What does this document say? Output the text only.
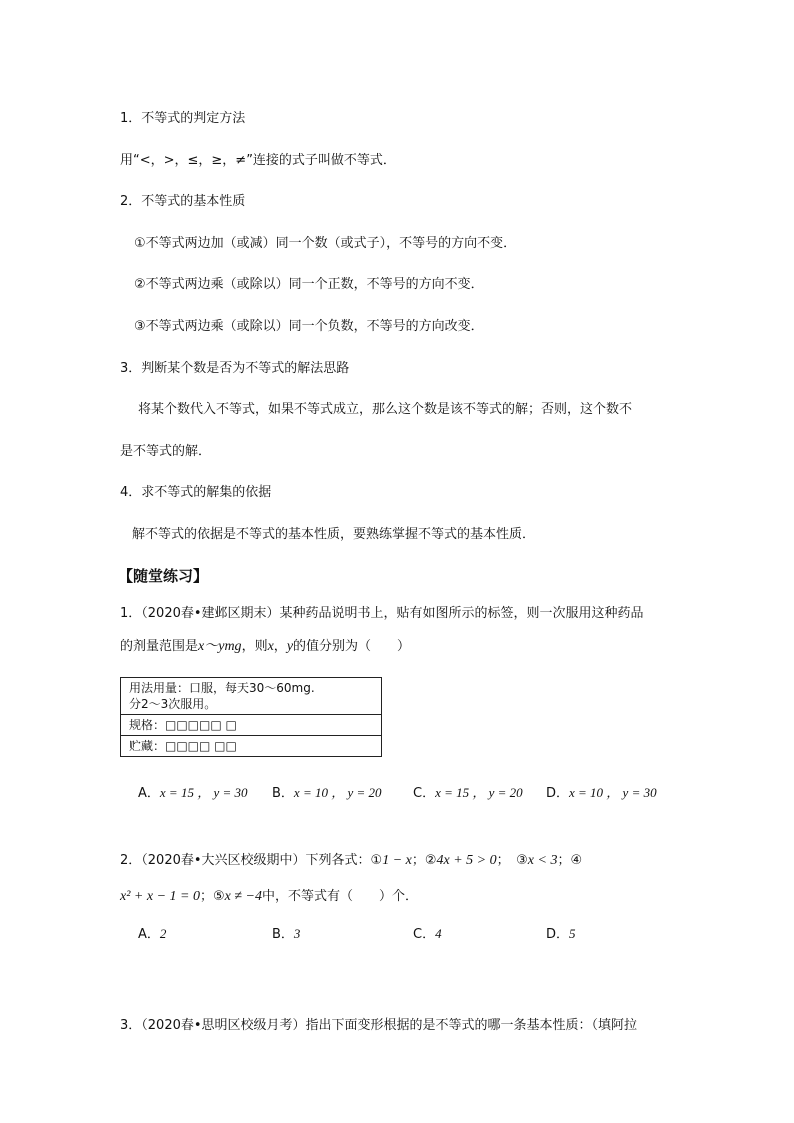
1．不等式的判定方法
用“<，>，≤，≥，≠”连接的式子叫做不等式．
2．不等式的基本性质
①不等式两边加（或减）同一个数（或式子），不等号的方向不变．
②不等式两边乘（或除以）同一个正数，不等号的方向不变．
③不等式两边乘（或除以）同一个负数，不等号的方向改变．
3．判断某个数是否为不等式的解法思路
将某个数代入不等式，如果不等式成立，那么这个数是该不等式的解；否则，这个数不
是不等式的解．
4．求不等式的解集的依据
解不等式的依据是不等式的基本性质，要熟练掌握不等式的基本性质．
【随堂练习】
1．（2020春•建邺区期末）某种药品说明书上，贴有如图所示的标签，则一次服用这种药品
的剂量范围是x～ymg，则x，y的值分别为（　　）
用法用量：口服，每天30～60mg.
分2～3次服用。

规格：□□□□□ □
贮藏：□□□□ □□
A．x = 15 ， y = 30 B．x = 10 ， y = 20 C．x = 15 ， y = 20 D．x = 10 ， y = 30
2．（2020春•大兴区校级期中）下列各式：①1 − x；②4x + 5 > 0；　③x < 3；④
x² + x − 1 = 0；⑤x ≠ −4中，不等式有（　　）个．
A．2	B．3	C．4	D．5
3．（2020春•思明区校级月考）指出下面变形根据的是不等式的哪一条基本性质：（填阿拉
